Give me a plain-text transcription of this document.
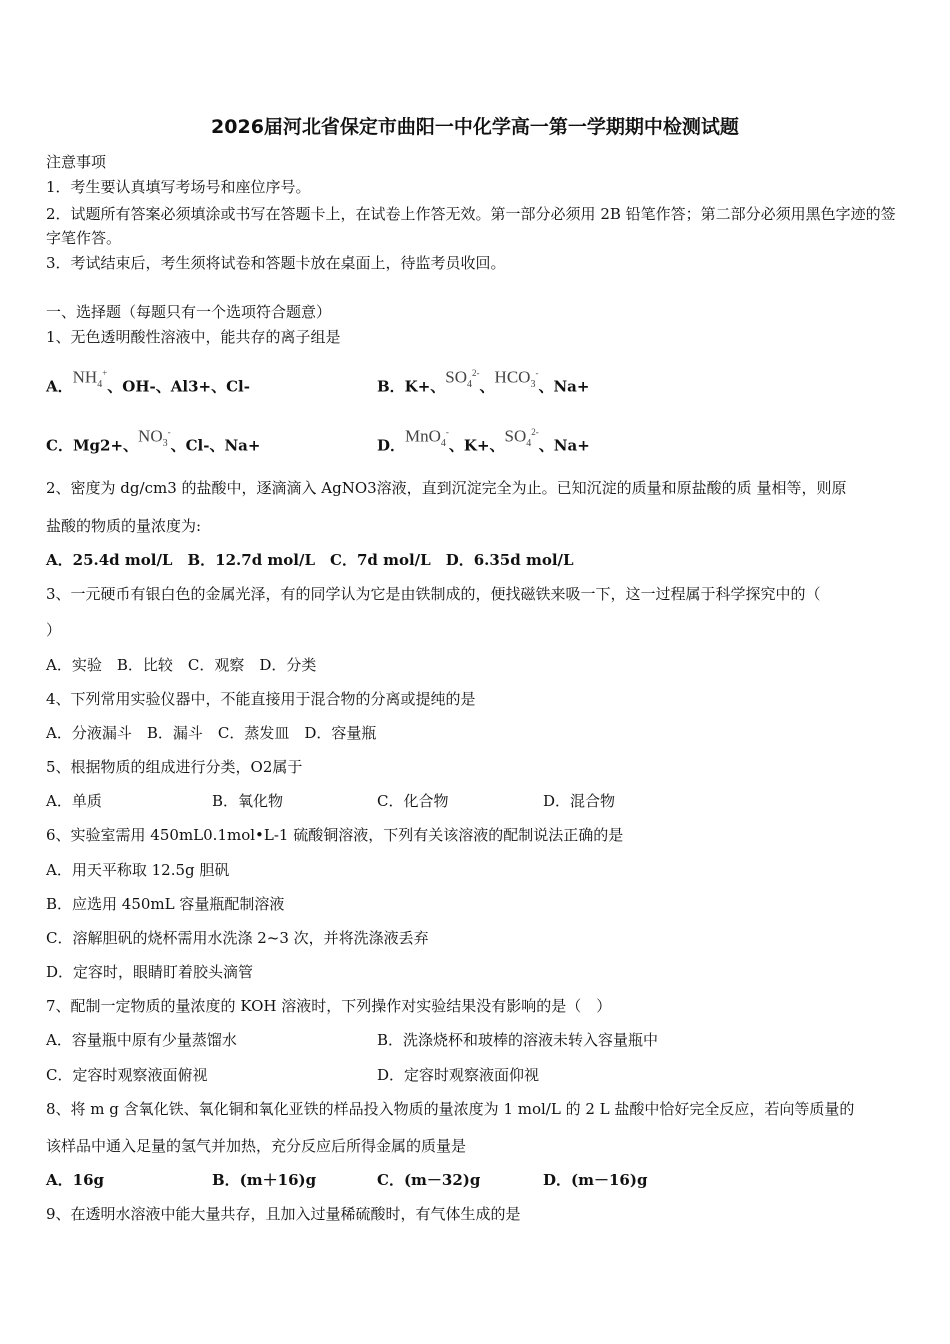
2026届河北省保定市曲阳一中化学高一第一学期期中检测试题
注意事项
1．考生要认真填写考场号和座位序号。
2．试题所有答案必须填涂或书写在答题卡上，在试卷上作答无效。第一部分必须用 2B 铅笔作答；第二部分必须用黑色字迹的签字笔作答。
3．考试结束后，考生须将试卷和答题卡放在桌面上，待监考员收回。
一、选择题（每题只有一个选项符合题意）
1、无色透明酸性溶液中，能共存的离子组是
A．$NH_4^+$、OH-、Al3+、Cl-	B．K+、$SO_4^{2-}$、$HCO_3^-$、Na+
C．Mg2+、$NO_3^-$、Cl-、Na+	D．MnO$_4$-、K+、$SO_4^{2-}$、Na+
2、密度为 dg/cm3 的盐酸中，逐滴滴入 AgNO3溶液，直到沉淀完全为止。已知沉淀的质量和原盐酸的质 量相等，则原
盐酸的物质的量浓度为:
A．25.4d mol/L　B．12.7d mol/L　C．7d mol/L　D．6.35d mol/L
3、一元硬币有银白色的金属光泽，有的同学认为它是由铁制成的，便找磁铁来吸一下，这一过程属于科学探究中的（
）
A．实验　B．比较　C．观察　D．分类
4、下列常用实验仪器中，不能直接用于混合物的分离或提纯的是
A．分液漏斗　B．漏斗　C．蒸发皿　D．容量瓶
5、根据物质的组成进行分类，O2属于
A．单质	B．氧化物	C．化合物	D．混合物
6、实验室需用 450mL0.1mol•L-1 硫酸铜溶液，下列有关该溶液的配制说法正确的是
A．用天平称取 12.5g 胆矾
B．应选用 450mL 容量瓶配制溶液
C．溶解胆矾的烧杯需用水洗涤 2~3 次，并将洗涤液丢弃
D．定容时，眼睛盯着胶头滴管
7、配制一定物质的量浓度的 KOH 溶液时，下列操作对实验结果没有影响的是（　）
A．容量瓶中原有少量蒸馏水	B．洗涤烧杯和玻棒的溶液未转入容量瓶中
C．定容时观察液面俯视	D．定容时观察液面仰视
8、将 m g 含氧化铁、氧化铜和氧化亚铁的样品投入物质的量浓度为 1 mol/L 的 2 L 盐酸中恰好完全反应，若向等质量的
该样品中通入足量的氢气并加热，充分反应后所得金属的质量是
A．16g	B．(m＋16)g	C．(m－32)g	D．(m－16)g
9、在透明水溶液中能大量共存，且加入过量稀硫酸时，有气体生成的是
